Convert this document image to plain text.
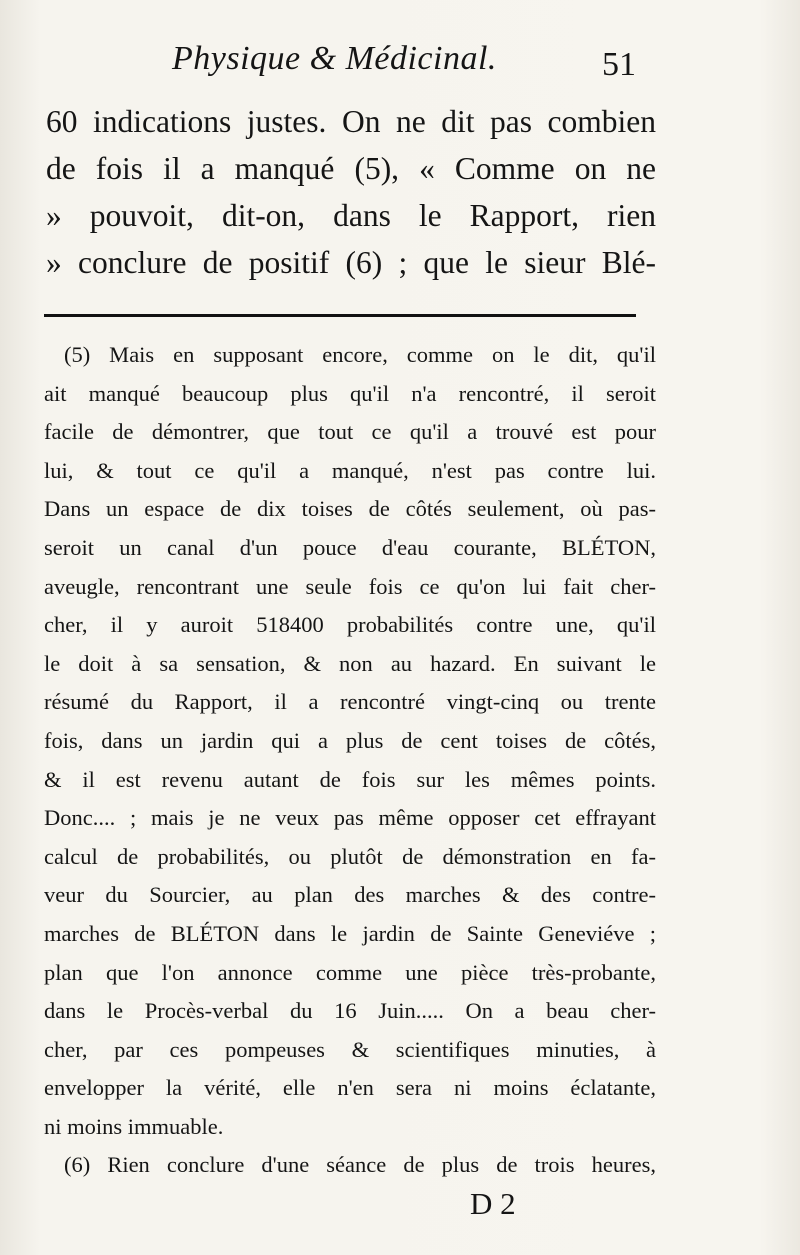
Physique & Médicinal.	51
60 indications justes. On ne dit pas combien
de fois il a manqué (5), « Comme on ne
» pouvoit, dit-on, dans le Rapport, rien
» conclure de positif (6) ; que le sieur Blé-
(5) Mais en supposant encore, comme on le dit, qu'il
ait manqué beaucoup plus qu'il n'a rencontré, il seroit
facile de démontrer, que tout ce qu'il a trouvé est pour
lui, & tout ce qu'il a manqué, n'est pas contre lui.
Dans un espace de dix toises de côtés seulement, où pas-
seroit un canal d'un pouce d'eau courante, BLÉTON,
aveugle, rencontrant une seule fois ce qu'on lui fait cher-
cher, il y auroit 518400 probabilités contre une, qu'il
le doit à sa sensation, & non au hazard. En suivant le
résumé du Rapport, il a rencontré vingt-cinq ou trente
fois, dans un jardin qui a plus de cent toises de côtés,
& il est revenu autant de fois sur les mêmes points.
Donc.... ; mais je ne veux pas même opposer cet effrayant
calcul de probabilités, ou plutôt de démonstration en fa-
veur du Sourcier, au plan des marches & des contre-
marches de BLÉTON dans le jardin de Sainte Geneviéve ;
plan que l'on annonce comme une pièce très-probante,
dans le Procès-verbal du 16 Juin..... On a beau cher-
cher, par ces pompeuses & scientifiques minuties, à
envelopper la vérité, elle n'en sera ni moins éclatante,
ni moins immuable.
(6) Rien conclure d'une séance de plus de trois heures,
D 2
